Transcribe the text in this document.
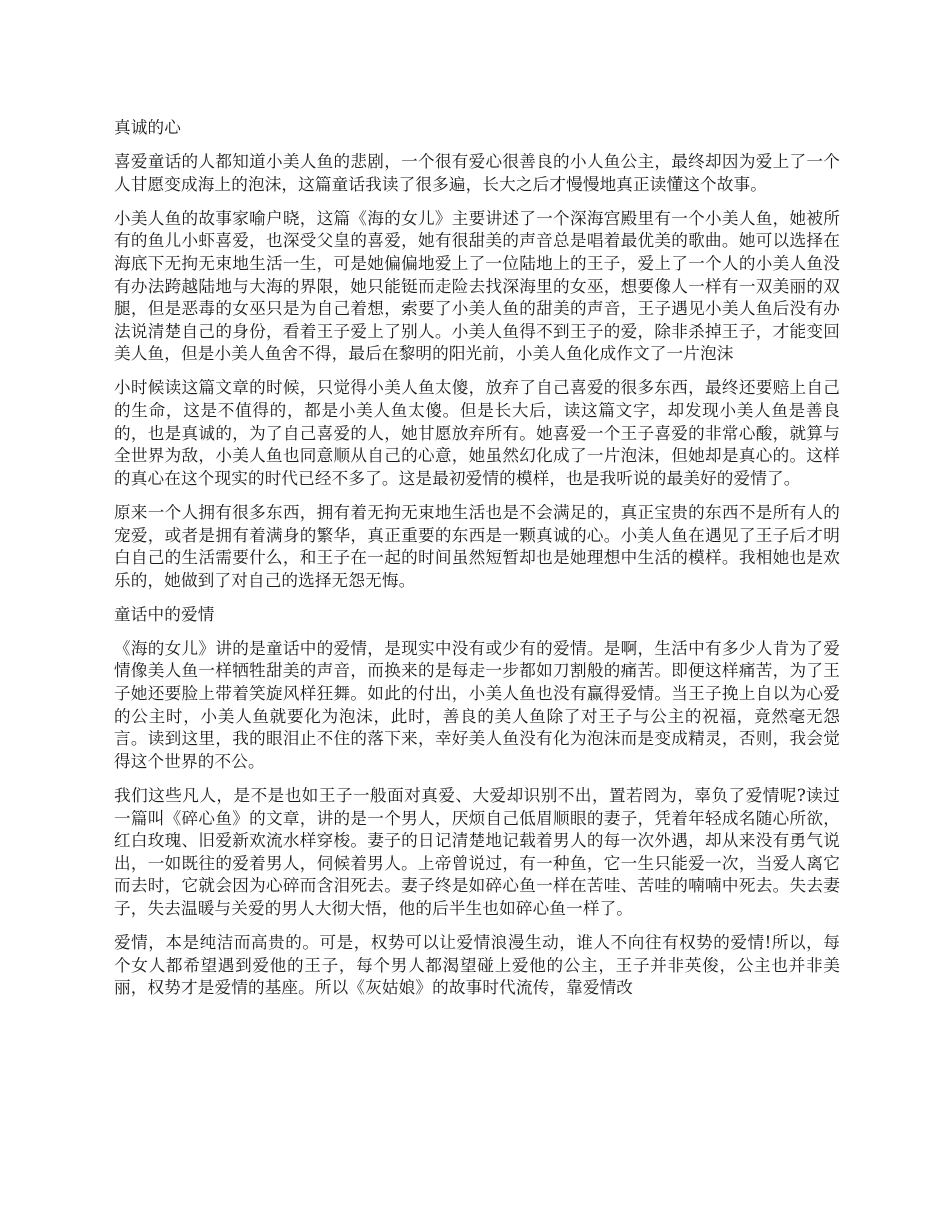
真诚的心

喜爱童话的人都知道小美人鱼的悲剧，一个很有爱心很善良的小人鱼公主，最终却因为爱上了一个人甘愿变成海上的泡沫，这篇童话我读了很多遍，长大之后才慢慢地真正读懂这个故事。

小美人鱼的故事家喻户晓，这篇《海的女儿》主要讲述了一个深海宫殿里有一个小美人鱼，她被所有的鱼儿小虾喜爱，也深受父皇的喜爱，她有很甜美的声音总是唱着最优美的歌曲。她可以选择在海底下无拘无束地生活一生，可是她偏偏地爱上了一位陆地上的王子，爱上了一个人的小美人鱼没有办法跨越陆地与大海的界限，她只能铤而走险去找深海里的女巫，想要像人一样有一双美丽的双腿，但是恶毒的女巫只是为自己着想，索要了小美人鱼的甜美的声音，王子遇见小美人鱼后没有办法说清楚自己的身份，看着王子爱上了别人。小美人鱼得不到王子的爱，除非杀掉王子，才能变回美人鱼，但是小美人鱼舍不得，最后在黎明的阳光前，小美人鱼化成作文了一片泡沫

小时候读这篇文章的时候，只觉得小美人鱼太傻，放弃了自己喜爱的很多东西，最终还要赔上自己的生命，这是不值得的，都是小美人鱼太傻。但是长大后，读这篇文字，却发现小美人鱼是善良的，也是真诚的，为了自己喜爱的人，她甘愿放弃所有。她喜爱一个王子喜爱的非常心酸，就算与全世界为敌，小美人鱼也同意顺从自己的心意，她虽然幻化成了一片泡沫，但她却是真心的。这样的真心在这个现实的时代已经不多了。这是最初爱情的模样，也是我听说的最美好的爱情了。

原来一个人拥有很多东西，拥有着无拘无束地生活也是不会满足的，真正宝贵的东西不是所有人的宠爱，或者是拥有着满身的繁华，真正重要的东西是一颗真诚的心。小美人鱼在遇见了王子后才明白自己的生活需要什么，和王子在一起的时间虽然短暂却也是她理想中生活的模样。我相她也是欢乐的，她做到了对自己的选择无怨无悔。

童话中的爱情

《海的女儿》讲的是童话中的爱情，是现实中没有或少有的爱情。是啊，生活中有多少人肯为了爱情像美人鱼一样牺牲甜美的声音，而换来的是每走一步都如刀割般的痛苦。即便这样痛苦，为了王子她还要脸上带着笑旋风样狂舞。如此的付出，小美人鱼也没有赢得爱情。当王子挽上自以为心爱的公主时，小美人鱼就要化为泡沫，此时，善良的美人鱼除了对王子与公主的祝福，竟然毫无怨言。读到这里，我的眼泪止不住的落下来，幸好美人鱼没有化为泡沫而是变成精灵，否则，我会觉得这个世界的不公。

我们这些凡人，是不是也如王子一般面对真爱、大爱却识别不出，置若罔为，辜负了爱情呢?读过一篇叫《碎心鱼》的文章，讲的是一个男人，厌烦自己低眉顺眼的妻子，凭着年轻成名随心所欲，红白玫瑰、旧爱新欢流水样穿梭。妻子的日记清楚地记载着男人的每一次外遇，却从来没有勇气说出，一如既往的爱着男人，伺候着男人。上帝曾说过，有一种鱼，它一生只能爱一次，当爱人离它而去时，它就会因为心碎而含泪死去。妻子终是如碎心鱼一样在苦哇、苦哇的喃喃中死去。失去妻子，失去温暖与关爱的男人大彻大悟，他的后半生也如碎心鱼一样了。

爱情，本是纯洁而高贵的。可是，权势可以让爱情浪漫生动，谁人不向往有权势的爱情!所以，每个女人都希望遇到爱他的王子，每个男人都渴望碰上爱他的公主，王子并非英俊，公主也并非美丽，权势才是爱情的基座。所以《灰姑娘》的故事时代流传，靠爱情改
